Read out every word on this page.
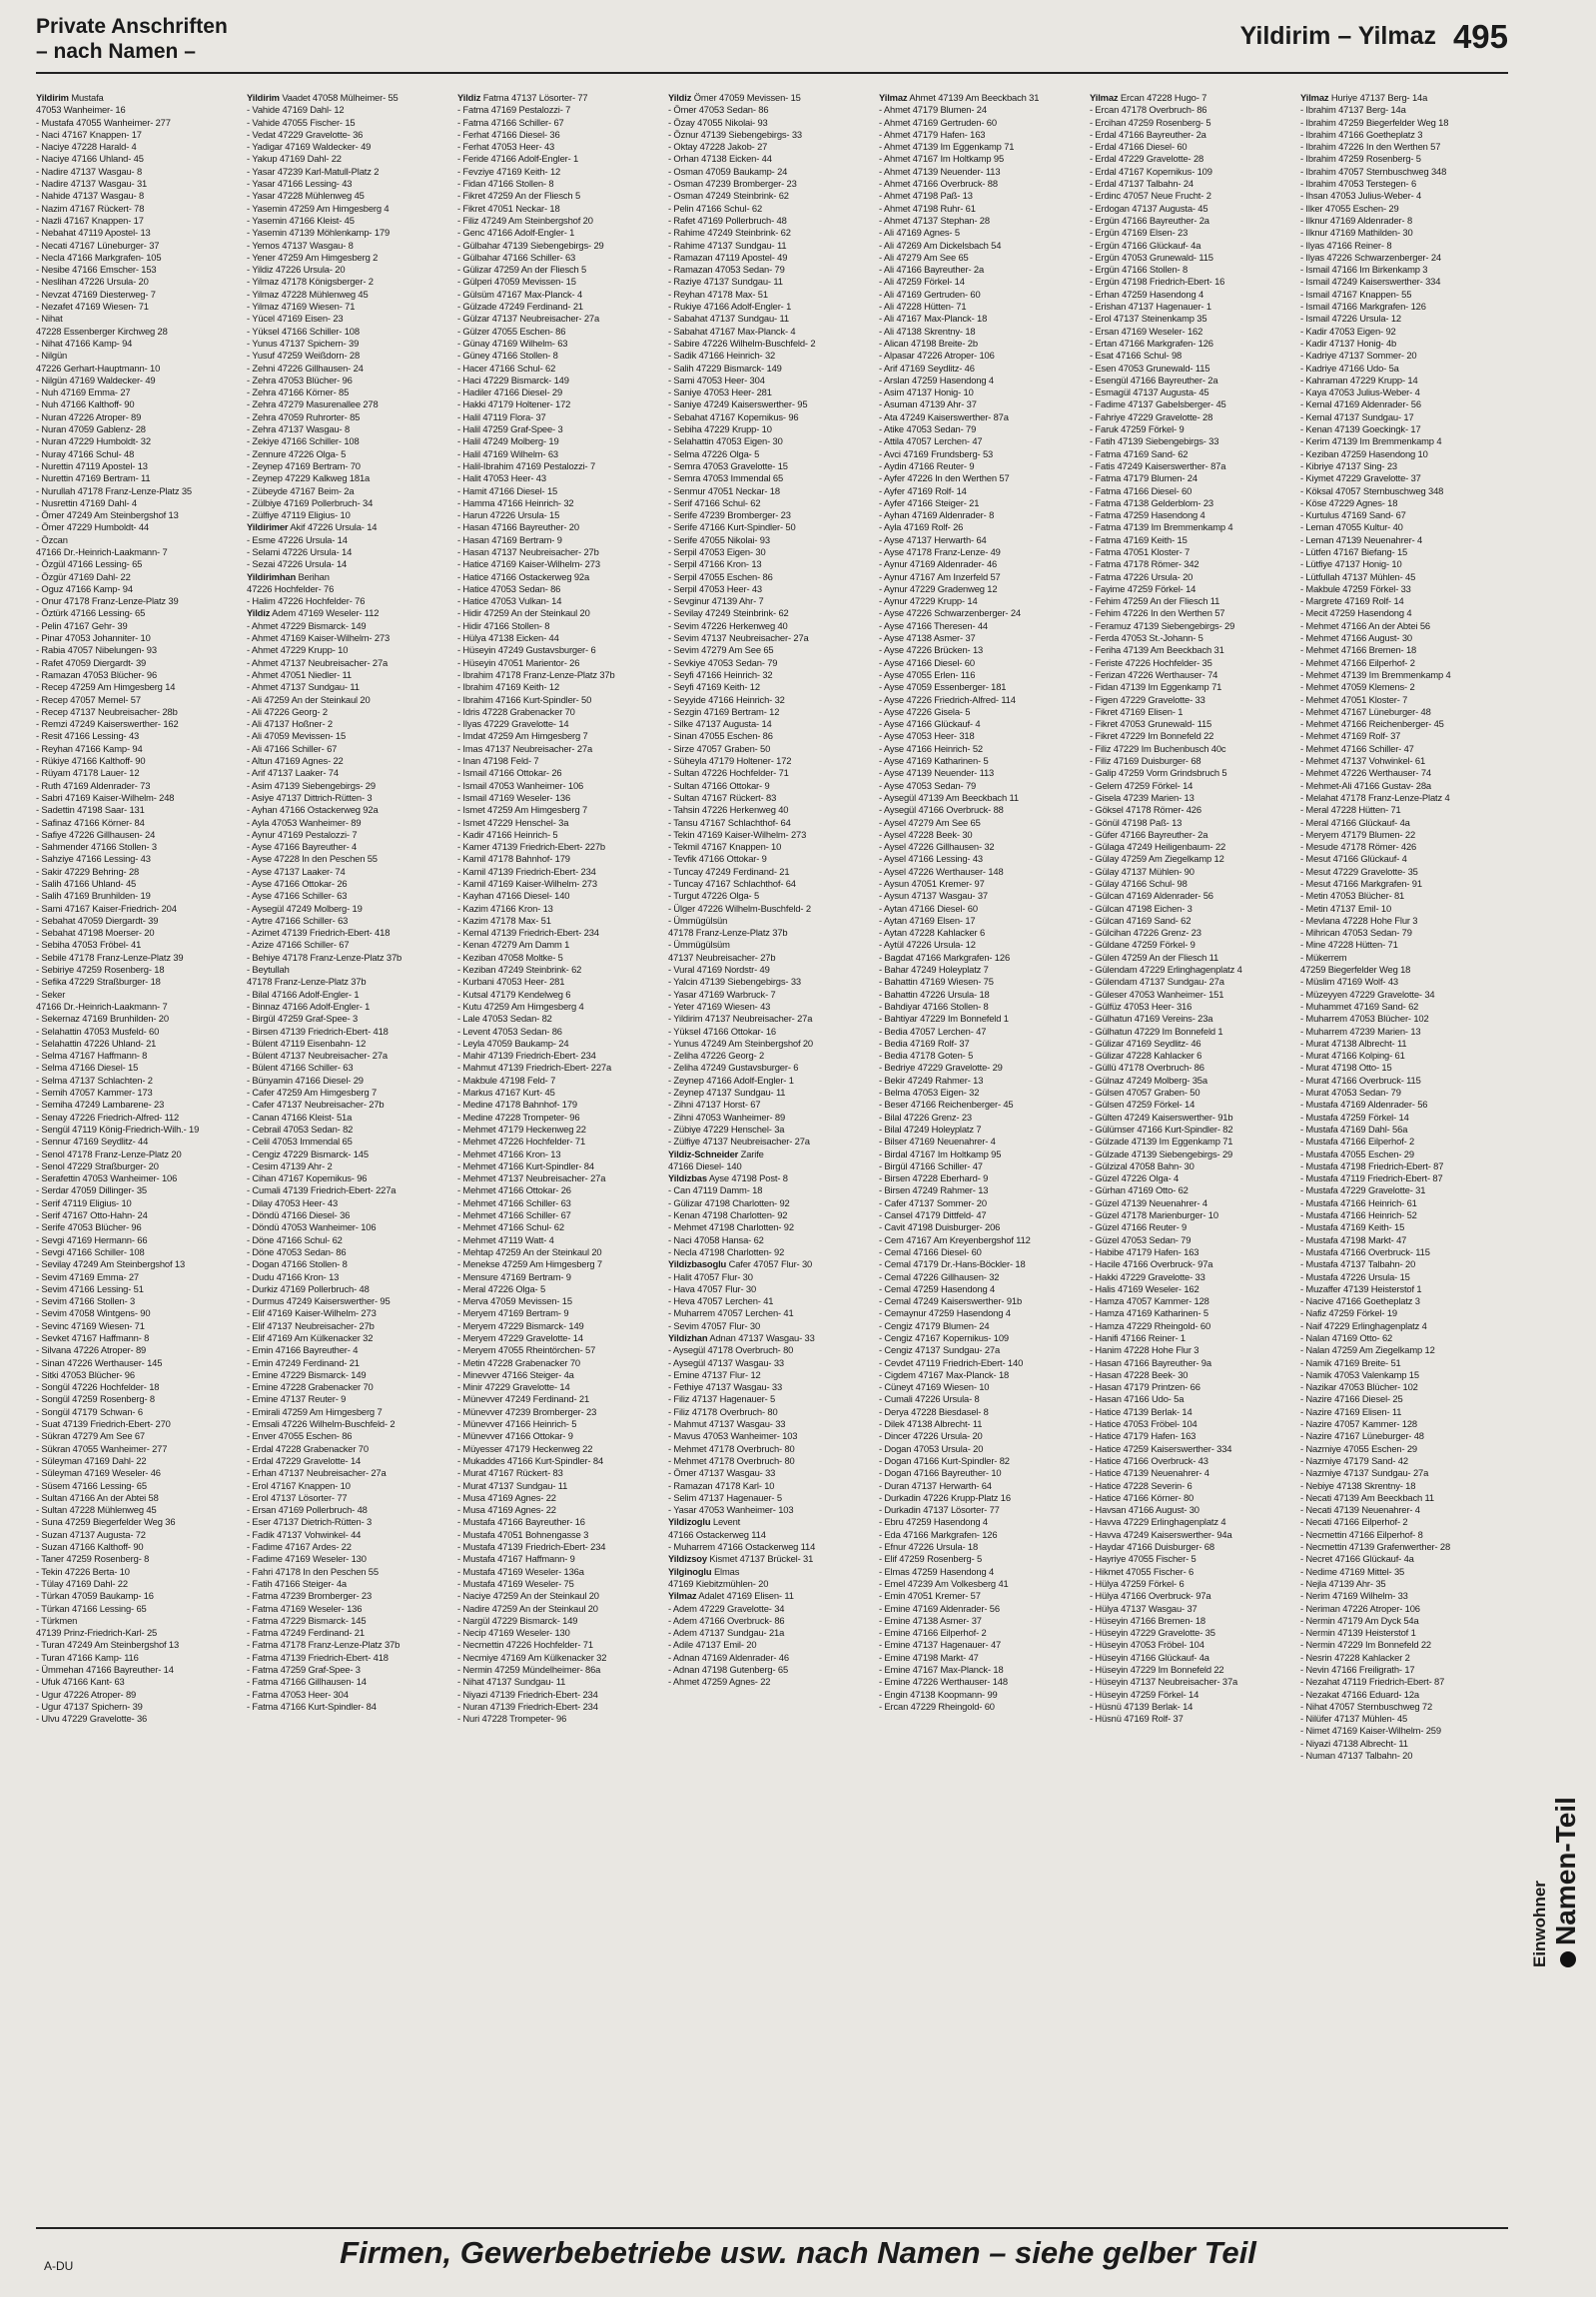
Private Anschriften
– nach Namen –
Yildirim – Yilmaz 495
Yildirim Mustafa
47053 Wanheimer- 16
- Mustafa 47055 Wanheimer- 277
- Naci 47167 Knappen- 17
- Naciye 47228 Harald- 4
- Naciye 47166 Uhland- 45
- Nadire 47137 Wasgau- 8
- Nadire 47137 Wasgau- 31
- Nahide 47137 Wasgau- 8
- Nazim 47167 Rückert- 78
- Nazli 47167 Knappen- 17
- Nebahat 47119 Apostel- 13
- Necati 47167 Lüneburger- 37
- Necla 47166 Markgrafen- 105
- Nesibe 47166 Emscher- 153
- Neslihan 47226 Ursula- 20
- Nevzat 47169 Diesterweg- 7
- Nezafet 47169 Wiesen- 71
- Nihat
47228 Essenberger Kirchweg 28
- Nihat 47166 Kamp- 94
- Nilgün
47226 Gerhart-Hauptmann- 10
- Nilgün 47169 Waldecker- 49
- Nuh 47169 Emma- 27
- Nuh 47166 Kalthoff- 90
- Nuran 47226 Atroper- 89
- Nuran 47059 Gablenz- 28
- Nuran 47229 Humboldt- 32
- Nuray 47166 Schul- 48
- Nurettin 47119 Apostel- 13
- Nurettin 47169 Bertram- 11
- Nurullah 47178 Franz-Lenze-Platz 35
- Nusrettin 47169 Dahl- 4
- Ömer 47249 Am Steinbergshof 13
- Ömer 47229 Humboldt- 44
- Özcan
47166 Dr.-Heinrich-Laakmann- 7
- Özgül 47166 Lessing- 65
- Özgür 47169 Dahl- 22
- Oguz 47166 Kamp- 94
- Onur 47178 Franz-Lenze-Platz 39
- Öztürk 47166 Lessing- 65
- Pelin 47167 Gehr- 39
- Pinar 47053 Johanniter- 10
- Rabia 47057 Nibelungen- 93
- Rafet 47059 Diergardt- 39
- Ramazan 47053 Blücher- 96
- Recep 47259 Am Himgesberg 14
- Recep 47057 Memel- 57
- Recep 47137 Neubreisacher- 28b
- Remzi 47249 Kaiserswerther- 162
- Resit 47166 Lessing- 43
- Reyhan 47166 Kamp- 94
- Rükiye 47166 Kalthoff- 90
- Rüyam 47178 Lauer- 12
- Ruth 47169 Aldenrader- 73
- Sabri 47169 Kaiser-Wilhelm- 248
- Sadettin 47198 Saar- 131
- Safinaz 47166 Körner- 84
- Safiye 47226 Gillhausen- 24
- Sahmender 47166 Stollen- 3
- Sahziye 47166 Lessing- 43
- Sakir 47229 Behring- 28
- Salih 47166 Uhland- 45
- Salih 47169 Brunhilden- 19
- Sami 47167 Kaiser-Friedrich- 204
- Sebahat 47059 Diergardt- 39
- Sebahat 47198 Moerser- 20
- Sebiha 47053 Fröbel- 41
- Sebile 47178 Franz-Lenze-Platz 39
- Sebiriye 47259 Rosenberg- 18
- Sefika 47229 Straßburger- 18
- Seker
47166 Dr.-Heinrich-Laakmann- 7
- Sekernaz 47169 Brunhilden- 20
- Selahattin 47053 Musfeld- 60
- Selahattin 47226 Uhland- 21
- Selma 47167 Haffmann- 8
- Selma 47166 Diesel- 15
- Selma 47137 Schlachten- 2
- Semih 47057 Kammer- 173
- Semiha 47249 Lambarene- 23
- Senay 47226 Friedrich-Alfred- 112
- Sengül 47119 König-Friedrich-Wilh.- 19
- Sennur 47169 Seydlitz- 44
- Senol 47178 Franz-Lenze-Platz 20
- Senol 47229 Straßburger- 20
- Serafettin 47053 Wanheimer- 106
- Serdar 47059 Dillinger- 35
- Serif 47119 Eligius- 10
- Serif 47167 Otto-Hahn- 24
- Serife 47053 Blücher- 96
- Sevgi 47169 Hermann- 66
- Sevgi 47166 Schiller- 108
- Sevilay 47249 Am Steinbergshof 13
- Sevim 47169 Emma- 27
- Sevim 47166 Lessing- 51
- Sevim 47166 Stollen- 3
- Sevim 47058 Wintgens- 90
- Sevinc 47169 Wiesen- 71
- Sevket 47167 Haffmann- 8
- Silvana 47226 Atroper- 89
- Sinan 47226 Werthauser- 145
- Sitki 47053 Blücher- 96
- Songül 47226 Hochfelder- 18
- Songül 47259 Rosenberg- 8
- Songül 47179 Schwan- 6
- Suat 47139 Friedrich-Ebert- 270
- Sükran 47279 Am See 67
- Sükran 47055 Wanheimer- 277
- Süleyman 47169 Dahl- 22
- Süleyman 47169 Weseler- 46
- Süsem 47166 Lessing- 65
- Sultan 47166 An der Abtei 58
- Sultan 47228 Mühlenweg 45
- Suna 47259 Biegerfelder Weg 36
- Suzan 47137 Augusta- 72
- Suzan 47166 Kalthoff- 90
- Taner 47259 Rosenberg- 8
- Tekin 47226 Berta- 10
- Tülay 47169 Dahl- 22
- Türkan 47059 Baukamp- 16
- Türkan 47166 Lessing- 65
- Türkmen
47139 Prinz-Friedrich-Karl- 25
- Turan 47249 Am Steinbergshof 13
- Turan 47166 Kamp- 116
- Ümmehan 47166 Bayreuther- 14
- Ufuk 47166 Kant- 63
- Ugur 47226 Atroper- 89
- Ugur 47137 Spichern- 39
- Ulvu 47229 Gravelotte- 36
Yildirim Vaadet 47058 Mülheimer- 55
- Vahide 47169 Dahl- 12
- Vahide 47055 Fischer- 15
- Vedat 47229 Gravelotte- 36
- Yadigar 47169 Waldecker- 49
- Yakup 47169 Dahl- 22
- Yasar 47239 Karl-Matull-Platz 2
- Yasar 47166 Lessing- 43
- Yasar 47228 Mühlenweg 45
- Yasemin 47259 Am Himgesberg 4
- Yasemin 47166 Kleist- 45
- Yasemin 47139 Möhlenkamp- 179
- Yemos 47137 Wasgau- 8
- Yener 47259 Am Himgesberg 2
- Yildiz 47226 Ursula- 20
- Yilmaz 47178 Königsberger- 2
- Yilmaz 47228 Mühlenweg 45
- Yilmaz 47169 Wiesen- 71
- Yücel 47169 Eisen- 23
- Yüksel 47166 Schiller- 108
- Yunus 47137 Spichern- 39
- Yusuf 47259 Weißdorn- 28
- Zehni 47226 Gillhausen- 24
- Zehra 47053 Blücher- 96
- Zehra 47166 Körner- 85
- Zehra 47279 Masurenallee 278
- Zehra 47059 Ruhrorter- 85
- Zehra 47137 Wasgau- 8
- Zekiye 47166 Schiller- 108
- Zennure 47226 Olga- 5
- Zeynep 47169 Bertram- 70
- Zeynep 47229 Kalkweg 181a
- Zübeyde 47167 Beim- 2a
- Zülbiye 47169 Pollerbruch- 34
- Zülfiye 47119 Eligius- 10
Yildirimer Akif 47226 Ursula- 14
- Esme 47226 Ursula- 14
- Selami 47226 Ursula- 14
- Sezai 47226 Ursula- 14
Yildirimhan Berihan
47226 Hochfelder- 76
- Halim 47226 Hochfelder- 76
Yildiz Adem 47169 Weseler- 112
- Ahmet 47229 Bismarck- 149
- Ahmet 47169 Kaiser-Wilhelm- 273
- Ahmet 47229 Krupp- 10
- Ahmet 47137 Neubreisacher- 27a
- Ahmet 47051 Niedler- 11
- Ahmet 47137 Sundgau- 11
- Ali 47259 An der Steinkaul 20
- Ali 47226 Georg- 2
- Ali 47137 Hoßner- 2
- Ali 47059 Mevissen- 15
- Ali 47166 Schiller- 67
- Altun 47169 Agnes- 22
- Arif 47137 Laaker- 74
- Asim 47139 Siebengebirgs- 29
- Asiye 47137 Dittrich-Rütten- 3
- Ayhan 47166 Ostackerweg 92a
- Ayla 47053 Wanheimer- 89
- Aynur 47169 Pestalozzi- 7
- Ayse 47166 Bayreuther- 4
- Ayse 47228 In den Peschen 55
- Ayse 47137 Laaker- 74
- Ayse 47166 Ottokar- 26
- Ayse 47166 Schiller- 63
- Aysegül 47249 Molberg- 19
- Aytre 47166 Schiller- 63
- Azimet 47139 Friedrich-Ebert- 418
- Azize 47166 Schiller- 67
- Behiye 47178 Franz-Lenze-Platz 37b
- Beytullah
47178 Franz-Lenze-Platz 37b
- Bilal 47166 Adolf-Engler- 1
- Binnaz 47166 Adolf-Engler- 1
- Birgül 47259 Graf-Spee- 3
- Birsen 47139 Friedrich-Ebert- 418
- Bülent 47119 Eisenbahn- 12
- Bülent 47137 Neubreisacher- 27a
- Bülent 47166 Schiller- 63
- Bünyamin 47166 Diesel- 29
- Cafer 47259 Am Himgesberg 7
- Cafer 47137 Neubreisacher- 27b
- Canan 47166 Kleist- 51a
- Cebrail 47053 Sedan- 82
- Celil 47053 Immendal 65
- Cengiz 47229 Bismarck- 145
- Cesim 47139 Ahr- 2
- Cihan 47167 Kopernikus- 96
- Cumali 47139 Friedrich-Ebert- 227a
- Dilay 47053 Heer- 43
- Döndü 47166 Diesel- 36
- Döndü 47053 Wanheimer- 106
- Döne 47166 Schul- 62
- Döne 47053 Sedan- 86
- Dogan 47166 Stollen- 8
- Dudu 47166 Kron- 13
- Durkiz 47169 Pollerbruch- 48
- Durmus 47249 Kaiserswerther- 95
- Elif 47169 Kaiser-Wilhelm- 273
- Elif 47137 Neubreisacher- 27b
- Elif 47169 Am Külkenacker 32
- Emin 47166 Bayreuther- 4
- Emin 47249 Ferdinand- 21
- Emine 47229 Bismarck- 149
- Emine 47228 Grabenacker 70
- Emine 47137 Reuter- 9
- Emirali 47259 Am Himgesberg 7
- Emsali 47226 Wilhelm-Buschfeld- 2
- Enver 47055 Eschen- 86
- Erdal 47228 Grabenacker 70
- Erdal 47229 Gravelotte- 14
- Erhan 47137 Neubreisacher- 27a
- Erol 47167 Knappen- 10
- Erol 47137 Lösorter- 77
- Ersan 47169 Pollerbruch- 48
- Eser 47137 Dietrich-Rütten- 3
- Fadik 47137 Vohwinkel- 44
- Fadime 47167 Ardes- 22
- Fadime 47169 Weseler- 130
- Fahri 47178 In den Peschen 55
- Fatih 47166 Steiger- 4a
- Fatma 47239 Bromberger- 23
- Fatma 47169 Weseler- 136
- Fatma 47229 Bismarck- 145
- Fatma 47249 Ferdinand- 21
- Fatma 47178 Franz-Lenze-Platz 37b
- Fatma 47139 Friedrich-Ebert- 418
- Fatma 47259 Graf-Spee- 3
- Fatma 47166 Gillhausen- 14
- Fatma 47053 Heer- 304
- Fatma 47166 Kurt-Spindler- 84
Yildiz Fatma 47137 Lösorter- 77
- Fatma 47169 Pestalozzi- 7
- Fatma 47166 Schiller- 67
- Ferhat 47166 Diesel- 36
- Ferhat 47053 Heer- 43
- Feride 47166 Adolf-Engler- 1
- Fevziye 47169 Keith- 12
- Fidan 47166 Stollen- 8
- Fikret 47259 An der Fliesch 5
- Fikret 47051 Neckar- 18
- Filiz 47249 Am Steinbergshof 20
- Genc 47166 Adolf-Engler- 1
- Gülbahar 47139 Siebengebirgs- 29
- Gülbahar 47166 Schiller- 63
- Gülizar 47259 An der Fliesch 5
- Gülperi 47059 Mevissen- 15
- Gülsüm 47167 Max-Planck- 4
- Gülzade 47249 Ferdinand- 21
- Gülzar 47137 Neubreisacher- 27a
- Gülzer 47055 Eschen- 86
- Günay 47169 Wilhelm- 63
- Güney 47166 Stollen- 8
- Hacer 47166 Schul- 62
- Haci 47229 Bismarck- 149
- Hadiler 47166 Diesel- 29
- Hakki 47179 Holtener- 172
- Halil 47119 Flora- 37
- Halil 47259 Graf-Spee- 3
- Halil 47249 Molberg- 19
- Halil 47169 Wilhelm- 63
- Halil-Ibrahim 47169 Pestalozzi- 7
- Halit 47053 Heer- 43
- Hamit 47166 Diesel- 15
- Hamma 47166 Heinrich- 32
- Harun 47226 Ursula- 15
- Hasan 47166 Bayreuther- 20
- Hasan 47169 Bertram- 9
- Hasan 47137 Neubreisacher- 27b
- Hatice 47169 Kaiser-Wilhelm- 273
- Hatice 47166 Ostackerweg 92a
- Hatice 47053 Sedan- 86
- Hatice 47053 Vulkan- 14
- Hidir 47259 An der Steinkaul 20
- Hidir 47166 Stollen- 8
- Hülya 47138 Eicken- 44
- Hüseyin 47249 Gustavsburger- 6
- Hüseyin 47051 Marientor- 26
- Ibrahim 47178 Franz-Lenze-Platz 37b
- Ibrahim 47169 Keith- 12
- Ibrahim 47166 Kurt-Spindler- 50
- Idris 47228 Grabenacker 70
- Ilyas 47229 Gravelotte- 14
- Imdat 47259 Am Himgesberg 7
- Imas 47137 Neubreisacher- 27a
- Inan 47198 Feld- 7
- Ismail 47166 Ottokar- 26
- Ismail 47053 Wanheimer- 106
- Ismail 47169 Weseler- 136
- Ismet 47259 Am Himgesberg 7
- Ismet 47229 Henschel- 3a
- Kadir 47166 Heinrich- 5
- Kamer 47139 Friedrich-Ebert- 227b
- Kamil 47178 Bahnhof- 179
- Kamil 47139 Friedrich-Ebert- 234
- Kamil 47169 Kaiser-Wilhelm- 273
- Kayhan 47166 Diesel- 140
- Kazim 47166 Kron- 13
- Kazim 47178 Max- 51
- Kemal 47139 Friedrich-Ebert- 234
- Kenan 47279 Am Damm 1
- Keziban 47058 Moltke- 5
- Keziban 47249 Steinbrink- 62
- Kurbani 47053 Heer- 281
- Kutsal 47179 Kendelweg 6
- Kutu 47259 Am Himgesberg 4
- Lale 47053 Sedan- 82
- Levent 47053 Sedan- 86
- Leyla 47059 Baukamp- 24
- Mahir 47139 Friedrich-Ebert- 234
- Mahmut 47139 Friedrich-Ebert- 227a
- Makbule 47198 Feld- 7
- Markus 47167 Kurt- 45
- Medine 47178 Bahnhof- 179
- Medine 47228 Trompeter- 96
- Mehmet 47179 Heckenweg 22
- Mehmet 47226 Hochfelder- 71
- Mehmet 47166 Kron- 13
- Mehmet 47166 Kurt-Spindler- 84
- Mehmet 47137 Neubreisacher- 27a
- Mehmet 47166 Ottokar- 26
- Mehmet 47166 Schiller- 63
- Mehmet 47166 Schiller- 67
- Mehmet 47166 Schul- 62
- Mehmet 47119 Watt- 4
- Mehtap 47259 An der Steinkaul 20
- Menekse 47259 Am Himgesberg 7
- Mensure 47169 Bertram- 9
- Meral 47226 Olga- 5
- Merva 47059 Mevissen- 15
- Meryem 47169 Bertram- 9
- Meryem 47229 Bismarck- 149
- Meryem 47229 Gravelotte- 14
- Meryem 47055 Rheintörchen- 57
- Metin 47228 Grabenacker 70
- Minevver 47166 Steiger- 4a
- Minir 47229 Gravelotte- 14
- Münevver 47249 Ferdinand- 21
- Münevver 47239 Bromberger- 23
- Münevver 47166 Heinrich- 5
- Münevver 47166 Ottokar- 9
- Müyesser 47179 Heckenweg 22
- Mukaddes 47166 Kurt-Spindler- 84
- Murat 47167 Rückert- 83
- Murat 47137 Sundgau- 11
- Musa 47169 Agnes- 22
- Musa 47169 Agnes- 22
- Mustafa 47166 Bayreuther- 16
- Mustafa 47051 Bohnengasse 3
- Mustafa 47139 Friedrich-Ebert- 234
- Mustafa 47167 Haffmann- 9
- Mustafa 47169 Weseler- 136a
- Mustafa 47169 Weseler- 75
- Naciye 47259 An der Steinkaul 20
- Nadire 47259 An der Steinkaul 20
- Nargül 47229 Bismarck- 149
- Necip 47169 Weseler- 130
- Necmettin 47226 Hochfelder- 71
- Necmiye 47169 Am Külkenacker 32
- Nermin 47259 Mündelheimer- 86a
- Nihat 47137 Sundgau- 11
- Niyazi 47139 Friedrich-Ebert- 234
- Nuran 47139 Friedrich-Ebert- 234
- Nuri 47228 Trompeter- 96
Yildiz Ömer 47059 Mevissen- 15
- Ömer 47053 Sedan- 86
- Özay 47055 Nikolai- 93
- Öznur 47139 Siebengebirgs- 33
- Oktay 47228 Jakob- 27
- Orhan 47138 Eicken- 44
- Osman 47059 Baukamp- 24
- Osman 47239 Bromberger- 23
- Osman 47249 Steinbrink- 62
- Pelin 47166 Schul- 62
- Rafet 47169 Pollerbruch- 48
- Rahime 47249 Steinbrink- 62
- Rahime 47137 Sundgau- 11
- Ramazan 47119 Apostel- 49
- Ramazan 47053 Sedan- 79
- Raziye 47137 Sundgau- 11
- Reyhan 47178 Max- 51
- Rukiye 47166 Adolf-Engler- 1
- Sabahat 47137 Sundgau- 11
- Sabahat 47167 Max-Planck- 4
- Sabire 47226 Wilhelm-Buschfeld- 2
- Sadik 47166 Heinrich- 32
- Salih 47229 Bismarck- 149
- Sami 47053 Heer- 304
- Saniye 47053 Heer- 281
- Saniye 47249 Kaiserswerther- 95
- Sebahat 47167 Kopernikus- 96
- Sebiha 47229 Krupp- 10
- Selahattin 47053 Eigen- 30
- Selma 47226 Olga- 5
- Semra 47053 Gravelotte- 15
- Semra 47053 Immendal 65
- Senmur 47051 Neckar- 18
- Serif 47166 Schul- 62
- Serife 47239 Bromberger- 23
- Serife 47166 Kurt-Spindler- 50
- Serife 47055 Nikolai- 93
- Serpil 47053 Eigen- 30
- Serpil 47166 Kron- 13
- Serpil 47055 Eschen- 86
- Serpil 47053 Heer- 43
- Sevginur 47139 Ahr- 7
- Sevilay 47249 Steinbrink- 62
- Sevim 47226 Herkenweg 40
- Sevim 47137 Neubreisacher- 27a
- Sevim 47279 Am See 65
- Sevkiye 47053 Sedan- 79
- Seyfi 47166 Heinrich- 32
- Seyfi 47169 Keith- 12
- Seyyide 47166 Heinrich- 32
- Sezgin 47169 Bertram- 12
- Silke 47137 Augusta- 14
- Sinan 47055 Eschen- 86
- Sirze 47057 Graben- 50
- Süheyla 47179 Holtener- 172
- Sultan 47226 Hochfelder- 71
- Sultan 47166 Ottokar- 9
- Sultan 47167 Rückert- 83
- Tahsin 47226 Herkenweg 40
- Tansu 47167 Schlachthof- 64
- Tekin 47169 Kaiser-Wilhelm- 273
- Tekmil 47167 Knappen- 10
- Tevfik 47166 Ottokar- 9
- Tuncay 47249 Ferdinand- 21
- Tuncay 47167 Schlachthof- 64
- Turgut 47226 Olga- 5
- Ülger 47226 Wilhelm-Buschfeld- 2
- Ümmügülsün
47178 Franz-Lenze-Platz 37b
- Ümmügülsüm
47137 Neubreisacher- 27b
- Vural 47169 Nordstr- 49
- Yalcin 47139 Siebengebirgs- 33
- Yasar 47169 Warbruck- 7
- Yeter 47169 Wiesen- 43
- Yildirim 47137 Neubreisacher- 27a
- Yüksel 47166 Ottokar- 16
- Yunus 47249 Am Steinbergshof 20
- Zeliha 47226 Georg- 2
- Zeliha 47249 Gustavsburger- 6
- Zeynep 47166 Adolf-Engler- 1
- Zeynep 47137 Sundgau- 11
- Zihni 47137 Horst- 67
- Zihni 47053 Wanheimer- 89
- Zübiye 47229 Henschel- 3a
- Zülfiye 47137 Neubreisacher- 27a
Yildiz-Schneider Zarife
47166 Diesel- 140
Yildizbas Ayse 47198 Post- 8
- Can 47119 Damm- 18
- Gülizar 47198 Charlotten- 92
- Kenan 47198 Charlotten- 92
- Mehmet 47198 Charlotten- 92
- Naci 47058 Hansa- 62
- Necla 47198 Charlotten- 92
Yildizbasoglu Cafer 47057 Flur- 30
- Halit 47057 Flur- 30
- Hava 47057 Flur- 30
- Heva 47057 Lerchen- 41
- Muharrem 47057 Lerchen- 41
- Sevim 47057 Flur- 30
Yildizhan Adnan 47137 Wasgau- 33
- Aysegül 47178 Overbruch- 80
- Aysegül 47137 Wasgau- 33
- Emine 47137 Flur- 12
- Fethiye 47137 Wasgau- 33
- Filiz 47137 Hagenauer- 5
- Filiz 47178 Overbruch- 80
- Mahmut 47137 Wasgau- 33
- Mavus 47053 Wanheimer- 103
- Mehmet 47178 Overbruch- 80
- Mehmet 47178 Overbruch- 80
- Ömer 47137 Wasgau- 33
- Ramazan 47178 Karl- 10
- Selim 47137 Hagenauer- 5
- Yasar 47053 Wanheimer- 103
Yildizoglu Levent
47166 Ostackerweg 114
- Muharrem 47166 Ostackerweg 114
Yildizsoy Kismet 47137 Brückel- 31
Yilginoglu Elmas
47169 Kiebitzmühlen- 20
Yilmaz Adalet 47169 Elisen- 11
- Adem 47229 Gravelotte- 34
- Adem 47166 Overbruck- 86
- Adem 47137 Sundgau- 21a
- Adile 47137 Emil- 20
- Adnan 47169 Aldenrader- 46
- Adnan 47198 Gutenberg- 65
- Ahmet 47259 Agnes- 22
Yilmaz Ahmet 47139 Am Beeckbach 31
- Ahmet 47179 Blumen- 24
- Ahmet 47169 Gertruden- 60
- Ahmet 47179 Hafen- 163
- Ahmet 47139 Im Eggenkamp 71
- Ahmet 47167 Im Holtkamp 95
- Ahmet 47139 Neuender- 113
- Ahmet 47166 Overbruck- 88
- Ahmet 47198 Paß- 13
- Ahmet 47198 Ruhr- 61
- Ahmet 47137 Stephan- 28
- Ali 47169 Agnes- 5
- Ali 47269 Am Dickelsbach 54
- Ali 47279 Am See 65
- Ali 47166 Bayreuther- 2a
- Ali 47259 Förkel- 14
- Ali 47169 Gertruden- 60
- Ali 47228 Hütten- 71
- Ali 47167 Max-Planck- 18
- Ali 47138 Skrentny- 18
- Alican 47198 Breite- 2b
- Alpasar 47226 Atroper- 106
- Arif 47169 Seydlitz- 46
- Arslan 47259 Hasendong 4
- Asim 47137 Honig- 10
- Asuman 47139 Ahr- 37
- Ata 47249 Kaiserswerther- 87a
- Atike 47053 Sedan- 79
- Attila 47057 Lerchen- 47
- Avci 47169 Frundsberg- 53
- Aydin 47166 Reuter- 9
- Ayfer 47226 In den Werthen 57
- Ayfer 47169 Rolf- 14
- Ayfer 47166 Steiger- 21
- Ayhan 47169 Aldenrader- 8
- Ayla 47169 Rolf- 26
- Ayse 47137 Herwarth- 64
- Ayse 47178 Franz-Lenze- 49
- Aynur 47169 Aldenrader- 46
- Aynur 47167 Am Inzerfeld 57
- Aynur 47229 Gradenweg 12
- Aynur 47229 Krupp- 14
- Ayse 47226 Schwarzenberger- 24
- Ayse 47166 Theresen- 44
- Ayse 47138 Asmer- 37
- Ayse 47226 Brücken- 13
- Ayse 47166 Diesel- 60
- Ayse 47055 Erlen- 116
- Ayse 47059 Essenberger- 181
- Ayse 47226 Friedrich-Alfred- 114
- Ayse 47226 Gisela- 5
- Ayse 47166 Glückauf- 4
- Ayse 47053 Heer- 318
- Ayse 47166 Heinrich- 52
- Ayse 47169 Katharinen- 5
- Ayse 47139 Neuender- 113
- Ayse 47053 Sedan- 79
- Aysegül 47139 Am Beeckbach 11
- Aysegül 47166 Overbruck- 88
- Aysel 47279 Am See 65
- Aysel 47228 Beek- 30
- Aysel 47226 Gillhausen- 32
- Aysel 47166 Lessing- 43
- Aysel 47226 Werthauser- 148
- Aysun 47051 Kremer- 97
- Aysun 47137 Wasgau- 37
- Aytan 47166 Diesel- 60
- Aytan 47169 Elsen- 17
- Aytan 47228 Kahlacker 6
- Aytül 47226 Ursula- 12
- Bagdat 47166 Markgrafen- 126
- Bahar 47249 Holeyplatz 7
- Bahattin 47169 Wiesen- 75
- Bahattin 47226 Ursula- 18
- Bahdiyar 47166 Stollen- 8
- Bahtiyar 47229 Im Bonnefeld 1
- Bedia 47057 Lerchen- 47
- Bedia 47169 Rolf- 37
- Bedia 47178 Goten- 5
- Bedriye 47229 Gravelotte- 29
- Bekir 47249 Rahmer- 13
- Belma 47053 Eigen- 32
- Beser 47166 Reichenberger- 45
- Bilal 47226 Grenz- 23
- Bilal 47249 Holeyplatz 7
- Bilser 47169 Neuenahrer- 4
- Birdal 47167 Im Holtkamp 95
- Birgül 47166 Schiller- 47
- Birsen 47228 Eberhard- 9
- Birsen 47249 Rahmer- 13
- Cafer 47137 Sommer- 20
- Cansel 47179 Dittfeld- 47
- Cavit 47198 Duisburger- 206
- Cem 47167 Am Kreyenbergshof 112
- Cemal 47166 Diesel- 60
- Cemal 47179 Dr.-Hans-Böckler- 18
- Cemal 47226 Gillhausen- 32
- Cemal 47259 Hasendong 4
- Cemal 47249 Kaiserswerther- 91b
- Cemaynur 47259 Hasendong 4
- Cengiz 47179 Blumen- 24
- Cengiz 47167 Kopernikus- 109
- Cengiz 47137 Sundgau- 27a
- Cevdet 47119 Friedrich-Ebert- 140
- Cigdem 47167 Max-Planck- 18
- Cüneyt 47169 Wiesen- 10
- Cumali 47226 Ursula- 8
- Derya 47228 Biesdasel- 8
- Dilek 47138 Albrecht- 11
- Dincer 47226 Ursula- 20
- Dogan 47053 Ursula- 20
- Dogan 47166 Kurt-Spindler- 82
- Dogan 47166 Bayreuther- 10
- Duran 47137 Herwarth- 64
- Durkadin 47226 Krupp-Platz 16
- Durkadin 47137 Lösorter- 77
- Ebru 47259 Hasendong 4
- Eda 47166 Markgrafen- 126
- Efnur 47226 Ursula- 18
- Elif 47259 Rosenberg- 5
- Elmas 47259 Hasendong 4
- Emel 47239 Am Volkesberg 41
- Emin 47051 Kremer- 57
- Emine 47169 Aldenrader- 56
- Emine 47138 Asmer- 37
- Emine 47166 Eilperhof- 2
- Emine 47137 Hagenauer- 47
- Emine 47198 Markt- 47
- Emine 47167 Max-Planck- 18
- Emine 47226 Werthauser- 148
- Engin 47138 Koopmann- 99
- Ercan 47229 Rheingold- 60
Yilmaz Ercan 47228 Hugo- 7
- Ercan 47178 Overbruch- 86
- Ercihan 47259 Rosenberg- 5
- Erdal 47166 Bayreuther- 2a
- Erdal 47166 Diesel- 60
- Erdal 47229 Gravelotte- 28
- Erdal 47167 Kopernikus- 109
- Erdal 47137 Talbahn- 24
- Erdinc 47057 Neue Frucht- 2
- Erdogan 47137 Augusta- 45
- Ergün 47166 Bayreuther- 2a
- Ergün 47169 Elsen- 23
- Ergün 47166 Glückauf- 4a
- Ergün 47053 Grunewald- 115
- Ergün 47166 Stollen- 8
- Ergün 47198 Friedrich-Ebert- 16
- Erhan 47259 Hasendong 4
- Erishan 47137 Hagenauer- 1
- Erol 47137 Steinenkamp 35
- Ersan 47169 Weseler- 162
- Ertan 47166 Markgrafen- 126
- Esat 47166 Schul- 98
- Esen 47053 Grunewald- 115
- Esengül 47166 Bayreuther- 2a
- Esmagül 47137 Augusta- 45
- Fadime 47137 Gabelsberger- 45
- Fahriye 47229 Gravelotte- 28
- Faruk 47259 Förkel- 9
- Fatih 47139 Siebengebirgs- 33
- Fatma 47169 Sand- 62
- Fatis 47249 Kaiserswerther- 87a
- Fatma 47179 Blumen- 24
- Fatma 47166 Diesel- 60
- Fatma 47138 Gelderblom- 23
- Fatma 47259 Hasendong 4
- Fatma 47139 Im Bremmenkamp 4
- Fatma 47169 Keith- 15
- Fatma 47051 Kloster- 7
- Fatma 47178 Römer- 342
- Fatma 47226 Ursula- 20
- Fayime 47259 Förkel- 14
- Fehim 47259 An der Fliesch 11
- Fehim 47226 In den Werthen 57
- Feramuz 47139 Siebengebirgs- 29
- Ferda 47053 St.-Johann- 5
- Feriha 47139 Am Beeckbach 31
- Feriste 47226 Hochfelder- 35
- Ferizan 47226 Werthauser- 74
- Fidan 47139 Im Eggenkamp 71
- Figen 47229 Gravelotte- 33
- Fikret 47169 Elisen- 1
- Fikret 47053 Grunewald- 115
- Fikret 47229 Im Bonnefeld 22
- Filiz 47229 Im Buchenbusch 40c
- Filiz 47169 Duisburger- 68
- Galip 47259 Vorm Grindsbruch 5
- Gelem 47259 Förkel- 14
- Gisela 47239 Marien- 13
- Göksel 47178 Römer- 426
- Gönül 47198 Paß- 13
- Güfer 47166 Bayreuther- 2a
- Gülaga 47249 Heiligenbaum- 22
- Gülay 47259 Am Ziegelkamp 12
- Gülay 47137 Mühlen- 90
- Gülay 47166 Schul- 98
- Gülcan 47169 Aldenrader- 56
- Gülcan 47198 Eichen- 3
- Gülcan 47169 Sand- 62
- Gülcihan 47226 Grenz- 23
- Güldane 47259 Förkel- 9
- Gülen 47259 An der Fliesch 11
- Gülendam 47229 Erlinghagenplatz 4
- Gülendam 47137 Sundgau- 27a
- Güleser 47053 Wanheimer- 151
- Gülfüz 47053 Heer- 316
- Gülhatun 47169 Vereins- 23a
- Gülhatun 47229 Im Bonnefeld 1
- Gülizar 47169 Seydlitz- 46
- Gülizar 47228 Kahlacker 6
- Güllü 47178 Overbruch- 86
- Gülnaz 47249 Molberg- 35a
- Gülsen 47057 Graben- 50
- Gülsen 47259 Förkel- 14
- Gülten 47249 Kaiserswerther- 91b
- Gülümser 47166 Kurt-Spindler- 82
- Gülzade 47139 Im Eggenkamp 71
- Gülzade 47139 Siebengebirgs- 29
- Gülzizal 47058 Bahn- 30
- Güzel 47226 Olga- 4
- Gürhan 47169 Otto- 62
- Güzel 47139 Neuenahrer- 4
- Güzel 47178 Marienburger- 10
- Güzel 47166 Reuter- 9
- Güzel 47053 Sedan- 79
- Habibe 47179 Hafen- 163
- Hacile 47166 Overbruck- 97a
- Hakki 47229 Gravelotte- 33
- Halis 47169 Weseler- 162
- Hamza 47057 Kammer- 128
- Hamza 47169 Katharinen- 5
- Hamza 47229 Rheingold- 60
- Hanifi 47166 Reiner- 1
- Hanim 47228 Hohe Flur 3
- Hasan 47166 Bayreuther- 9a
- Hasan 47228 Beek- 30
- Hasan 47179 Printzen- 66
- Hasan 47166 Udo- 5a
- Hatice 47139 Berlak- 14
- Hatice 47053 Fröbel- 104
- Hatice 47179 Hafen- 163
- Hatice 47259 Kaiserswerther- 334
- Hatice 47166 Overbruck- 43
- Hatice 47139 Neuenahrer- 4
- Hatice 47228 Severin- 6
- Hatice 47166 Körner- 80
- Havsan 47166 August- 30
- Havva 47229 Erlinghagenplatz 4
- Havva 47249 Kaiserswerther- 94a
- Haydar 47166 Duisburger- 68
- Hayriye 47055 Fischer- 5
- Hikmet 47055 Fischer- 6
- Hülya 47259 Förkel- 6
- Hülya 47166 Overbruck- 97a
- Hülya 47137 Wasgau- 37
- Hüseyin 47166 Bremen- 18
- Hüseyin 47229 Gravelotte- 35
- Hüseyin 47053 Fröbel- 104
- Hüseyin 47166 Glückauf- 4a
- Hüseyin 47229 Im Bonnefeld 22
- Hüseyin 47137 Neubreisacher- 37a
- Hüseyin 47259 Förkel- 14
- Hüsnü 47139 Berlak- 14
- Hüsnü 47169 Rolf- 37
Yilmaz Huriye 47137 Berg- 14a
- Ibrahim 47137 Berg- 14a
- Ibrahim 47259 Biegerfelder Weg 18
- Ibrahim 47166 Goetheplatz 3
- Ibrahim 47226 In den Werthen 57
- Ibrahim 47259 Rosenberg- 5
- Ibrahim 47057 Sternbuschweg 348
- Ibrahim 47053 Terstegen- 6
- Ihsan 47053 Julius-Weber- 4
- Ilker 47055 Eschen- 29
- Ilknur 47169 Aldenrader- 8
- Ilknur 47169 Mathilden- 30
- Ilyas 47166 Reiner- 8
- Ilyas 47226 Schwarzenberger- 24
- Ismail 47166 Im Birkenkamp 3
- Ismail 47249 Kaiserswerther- 334
- Ismail 47167 Knappen- 55
- Ismail 47166 Markgrafen- 126
- Ismail 47226 Ursula- 12
- Kadir 47053 Eigen- 92
- Kadir 47137 Honig- 4b
- Kadriye 47137 Sommer- 20
- Kadriye 47166 Udo- 5a
- Kahraman 47229 Krupp- 14
- Kaya 47053 Julius-Weber- 4
- Kemal 47169 Aldenrader- 56
- Kemal 47137 Sundgau- 17
- Kenan 47139 Goeckingk- 17
- Kerim 47139 Im Bremmenkamp 4
- Keziban 47259 Hasendong 10
- Kibriye 47137 Sing- 23
- Kiymet 47229 Gravelotte- 37
- Köksal 47057 Sternbuschweg 348
- Köse 47229 Agnes- 18
- Kurtulus 47169 Sand- 67
- Leman 47055 Kultur- 40
- Leman 47139 Neuenahrer- 4
- Lütfen 47167 Biefang- 15
- Lütfiye 47137 Honig- 10
- Lütfullah 47137 Mühlen- 45
- Makbule 47259 Förkel- 33
- Margrete 47169 Rolf- 14
- Mecit 47259 Hasendong 4
- Mehmet 47166 An der Abtei 56
- Mehmet 47166 August- 30
- Mehmet 47166 Bremen- 18
- Mehmet 47166 Eilperhof- 2
- Mehmet 47139 Im Bremmenkamp 4
- Mehmet 47059 Klemens- 2
- Mehmet 47051 Kloster- 7
- Mehmet 47167 Lüneburger- 48
- Mehmet 47166 Reichenberger- 45
- Mehmet 47169 Rolf- 37
- Mehmet 47166 Schiller- 47
- Mehmet 47137 Vohwinkel- 61
- Mehmet 47226 Werthauser- 74
- Mehmet-Ali 47166 Gustav- 28a
- Melahat 47178 Franz-Lenze-Platz 4
- Meral 47228 Hütten- 71
- Meral 47166 Glückauf- 4a
- Meryem 47179 Blumen- 22
- Mesude 47178 Römer- 426
- Mesut 47166 Glückauf- 4
- Mesut 47229 Gravelotte- 35
- Mesut 47166 Markgrafen- 91
- Metin 47053 Blücher- 81
- Metin 47137 Emil- 10
- Mevlana 47228 Hohe Flur 3
- Mihrican 47053 Sedan- 79
- Mine 47228 Hütten- 71
- Mükerrem
47259 Biegerfelder Weg 18
- Müslim 47169 Wolf- 43
- Müzeyyen 47229 Gravelotte- 34
- Muhammet 47169 Sand- 62
- Muharrem 47053 Blücher- 102
- Muharrem 47239 Marien- 13
- Murat 47138 Albrecht- 11
- Murat 47166 Kolping- 61
- Murat 47198 Otto- 15
- Murat 47166 Overbruck- 115
- Murat 47053 Sedan- 79
- Mustafa 47169 Aldenrader- 56
- Mustafa 47259 Förkel- 14
- Mustafa 47169 Dahl- 56a
- Mustafa 47166 Eilperhof- 2
- Mustafa 47055 Eschen- 29
- Mustafa 47198 Friedrich-Ebert- 87
- Mustafa 47119 Friedrich-Ebert- 87
- Mustafa 47229 Gravelotte- 31
- Mustafa 47166 Heinrich- 61
- Mustafa 47166 Heinrich- 52
- Mustafa 47169 Keith- 15
- Mustafa 47198 Markt- 47
- Mustafa 47166 Overbruck- 115
- Mustafa 47137 Talbahn- 20
- Mustafa 47226 Ursula- 15
- Muzaffer 47139 Heisterstof 1
- Nacive 47166 Goetheplatz 3
- Nafiz 47259 Förkel- 19
- Naif 47229 Erlinghagenplatz 4
- Nalan 47169 Otto- 62
- Nalan 47259 Am Ziegelkamp 12
- Namik 47169 Breite- 51
- Namik 47053 Valenkamp 15
- Nazikar 47053 Blücher- 102
- Nazire 47166 Diesel- 25
- Nazire 47169 Elisen- 11
- Nazire 47057 Kammer- 128
- Nazire 47167 Lüneburger- 48
- Nazmiye 47055 Eschen- 29
- Nazmiye 47179 Sand- 42
- Nazmiye 47137 Sundgau- 27a
- Nebiye 47138 Skrentny- 18
- Necati 47139 Am Beeckbach 11
- Necati 47139 Neuenahrer- 4
- Necati 47166 Eilperhof- 2
- Necmettin 47166 Eilperhof- 8
- Necmettin 47139 Grafenwerther- 28
- Necret 47166 Glückauf- 4a
- Nedime 47169 Mittel- 35
- Nejla 47139 Ahr- 35
- Nerim 47169 Wilhelm- 33
- Neriman 47226 Atroper- 106
- Nermin 47179 Am Dyck 54a
- Nermin 47139 Heisterstof 1
- Nermin 47229 Im Bonnefeld 22
- Nesrin 47228 Kahlacker 2
- Nevin 47166 Freiligrath- 17
- Nezahat 47119 Friedrich-Ebert- 87
- Nezakat 47166 Eduard- 12a
- Nihat 47057 Sternbuschweg 72
- Nilüfer 47137 Mühlen- 45
- Nimet 47169 Kaiser-Wilhelm- 259
- Niyazi 47138 Albrecht- 11
- Numan 47137 Talbahn- 20
Einwohner Namen-Teil
Firmen, Gewerbebetriebe usw. nach Namen – siehe gelber Teil
A-DU
